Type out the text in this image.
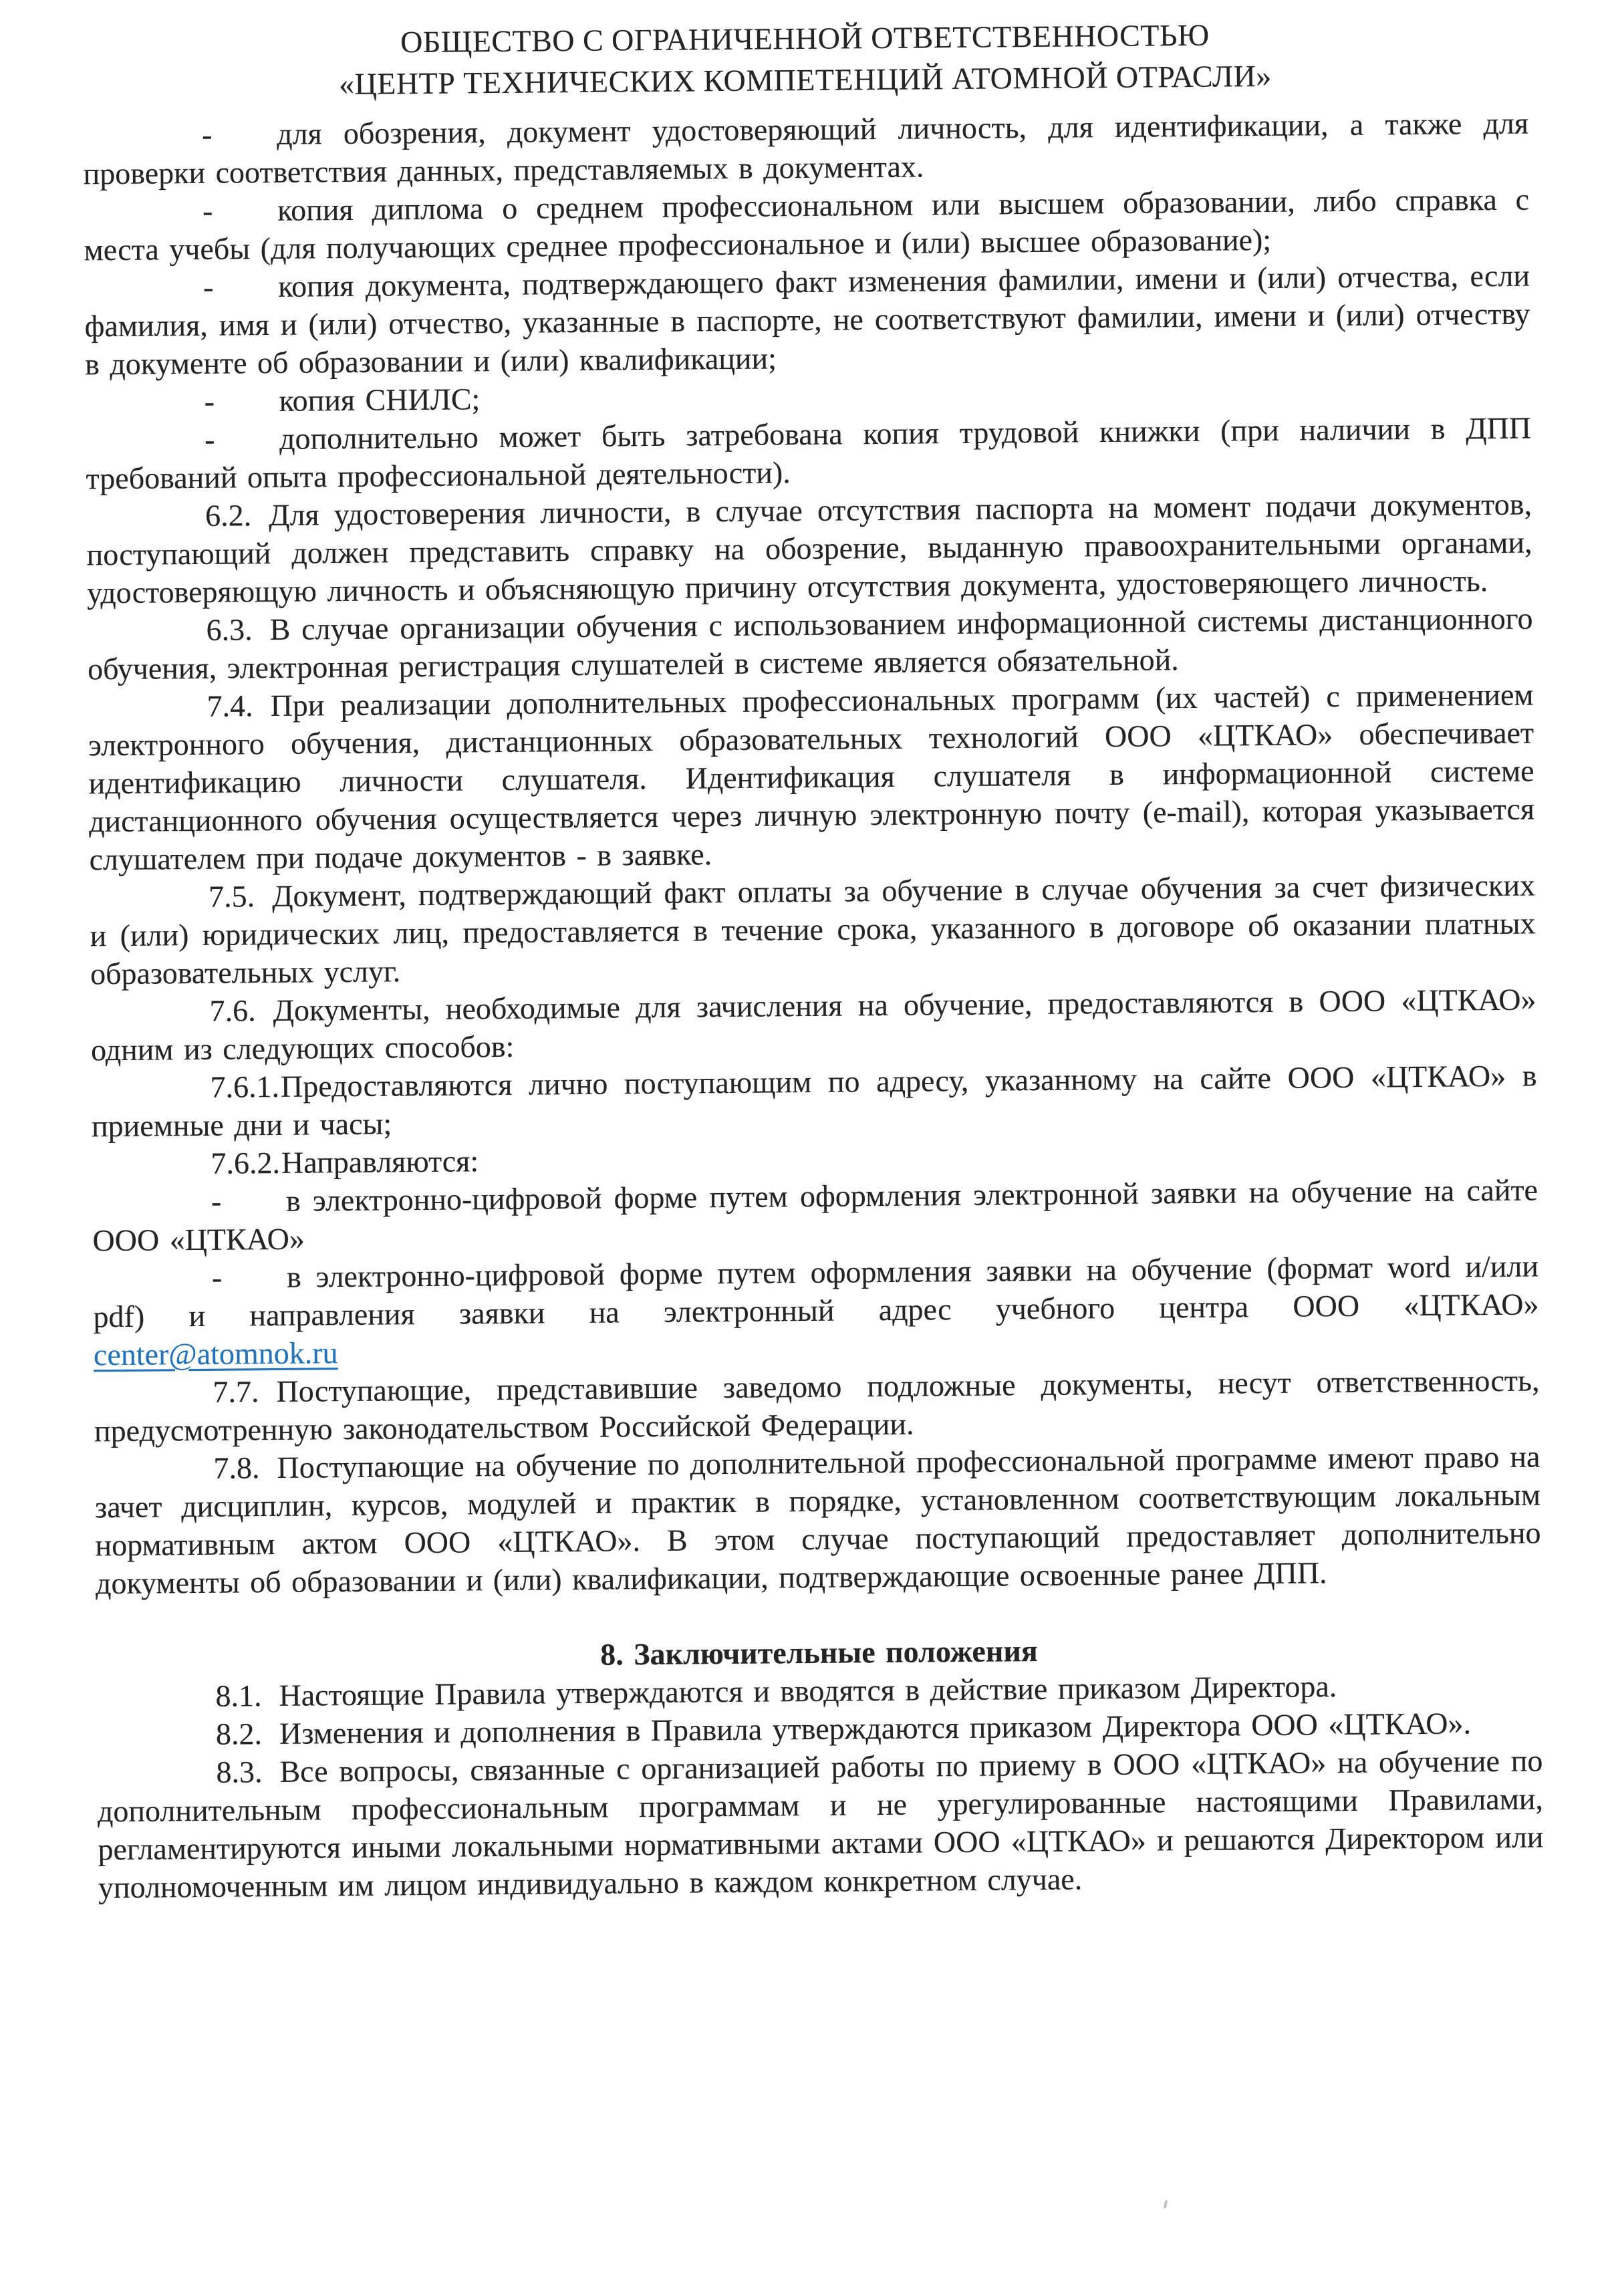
ОБЩЕСТВО С ОГРАНИЧЕННОЙ ОТВЕТСТВЕННОСТЬЮ
«ЦЕНТР ТЕХНИЧЕСКИХ КОМПЕТЕНЦИЙ АТОМНОЙ ОТРАСЛИ»

- для обозрения, документ удостоверяющий личность, для идентификации, а также для проверки соответствия данных, представляемых в документах.

- копия диплома о среднем профессиональном или высшем образовании, либо справка с места учебы (для получающих среднее профессиональное и (или) высшее образование);

- копия документа, подтверждающего факт изменения фамилии, имени и (или) отчества, если фамилия, имя и (или) отчество, указанные в паспорте, не соответствуют фамилии, имени и (или) отчеству в документе об образовании и (или) квалификации;

- копия СНИЛС;

- дополнительно может быть затребована копия трудовой книжки (при наличии в ДПП требований опыта профессиональной деятельности).

6.2. Для удостоверения личности, в случае отсутствия паспорта на момент подачи документов, поступающий должен представить справку на обозрение, выданную правоохранительными органами, удостоверяющую личность и объясняющую причину отсутствия документа, удостоверяющего личность.

6.3. В случае организации обучения с использованием информационной системы дистанционного обучения, электронная регистрация слушателей в системе является обязательной.

7.4. При реализации дополнительных профессиональных программ (их частей) с применением электронного обучения, дистанционных образовательных технологий ООО «ЦТКАО» обеспечивает идентификацию личности слушателя. Идентификация слушателя в информационной системе дистанционного обучения осуществляется через личную электронную почту (e-mail), которая указывается слушателем при подаче документов - в заявке.

7.5. Документ, подтверждающий факт оплаты за обучение в случае обучения за счет физических и (или) юридических лиц, предоставляется в течение срока, указанного в договоре об оказании платных образовательных услуг.

7.6. Документы, необходимые для зачисления на обучение, предоставляются в ООО «ЦТКАО» одним из следующих способов:

7.6.1.Предоставляются лично поступающим по адресу, указанному на сайте ООО «ЦТКАО» в приемные дни и часы;

7.6.2.Направляются:

- в электронно-цифровой форме путем оформления электронной заявки на обучение на сайте ООО «ЦТКАО»

- в электронно-цифровой форме путем оформления заявки на обучение (формат word и/или pdf) и направления заявки на электронный адрес учебного центра ООО «ЦТКАО»
center@atomnok.ru

7.7. Поступающие, представившие заведомо подложные документы, несут ответственность, предусмотренную законодательством Российской Федерации.

7.8. Поступающие на обучение по дополнительной профессиональной программе имеют право на зачет дисциплин, курсов, модулей и практик в порядке, установленном соответствующим локальным нормативным актом ООО «ЦТКАО». В этом случае поступающий предоставляет дополнительно документы об образовании и (или) квалификации, подтверждающие освоенные ранее ДПП.

8. Заключительные положения

8.1. Настоящие Правила утверждаются и вводятся в действие приказом Директора.

8.2. Изменения и дополнения в Правила утверждаются приказом Директора ООО «ЦТКАО».

8.3. Все вопросы, связанные с организацией работы по приему в ООО «ЦТКАО» на обучение по дополнительным профессиональным программам и не урегулированные настоящими Правилами, регламентируются иными локальными нормативными актами ООО «ЦТКАО» и решаются Директором или уполномоченным им лицом индивидуально в каждом конкретном случае.
